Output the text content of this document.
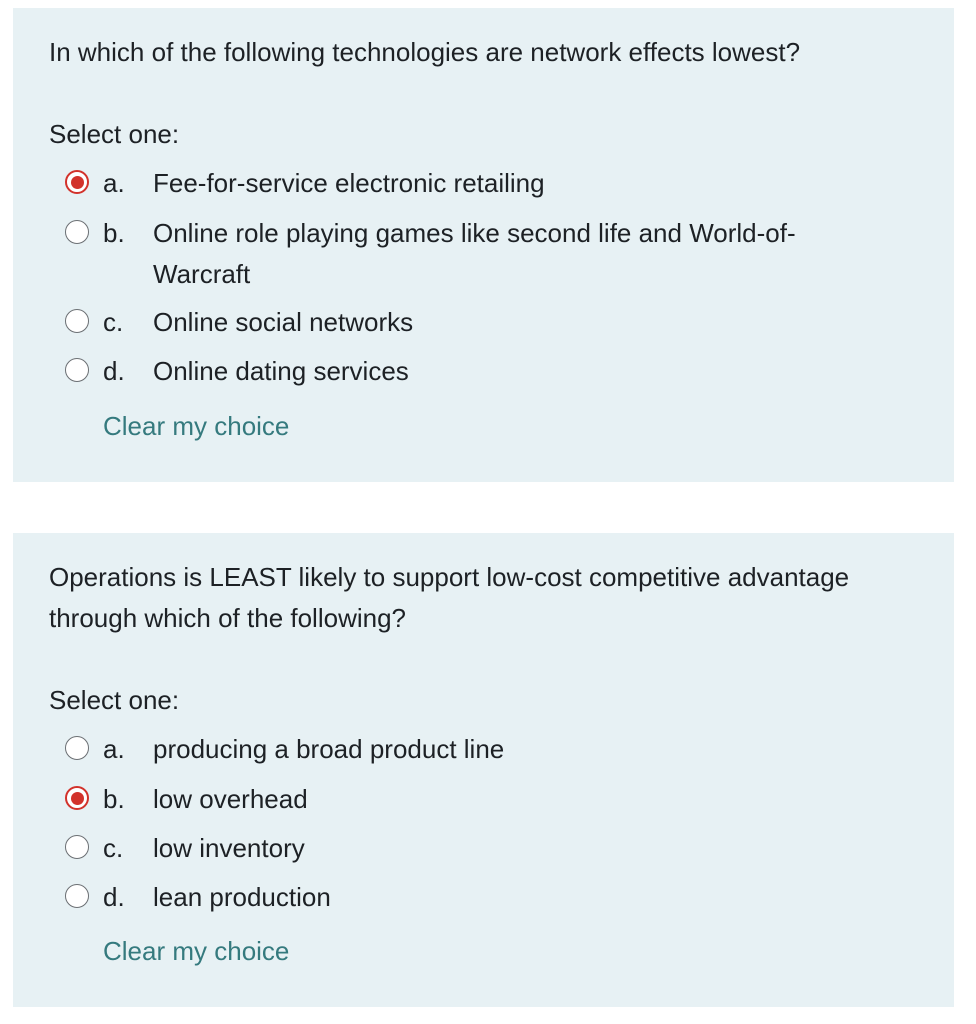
In which of the following technologies are network effects lowest?

Select one:

a. Fee-for-service electronic retailing
b. Online role playing games like second life and World-of-Warcraft
c. Online social networks
d. Online dating services
Clear my choice

Operations is LEAST likely to support low-cost competitive advantage through which of the following?

Select one:

a. producing a broad product line
b. low overhead
c. low inventory
d. lean production
Clear my choice
